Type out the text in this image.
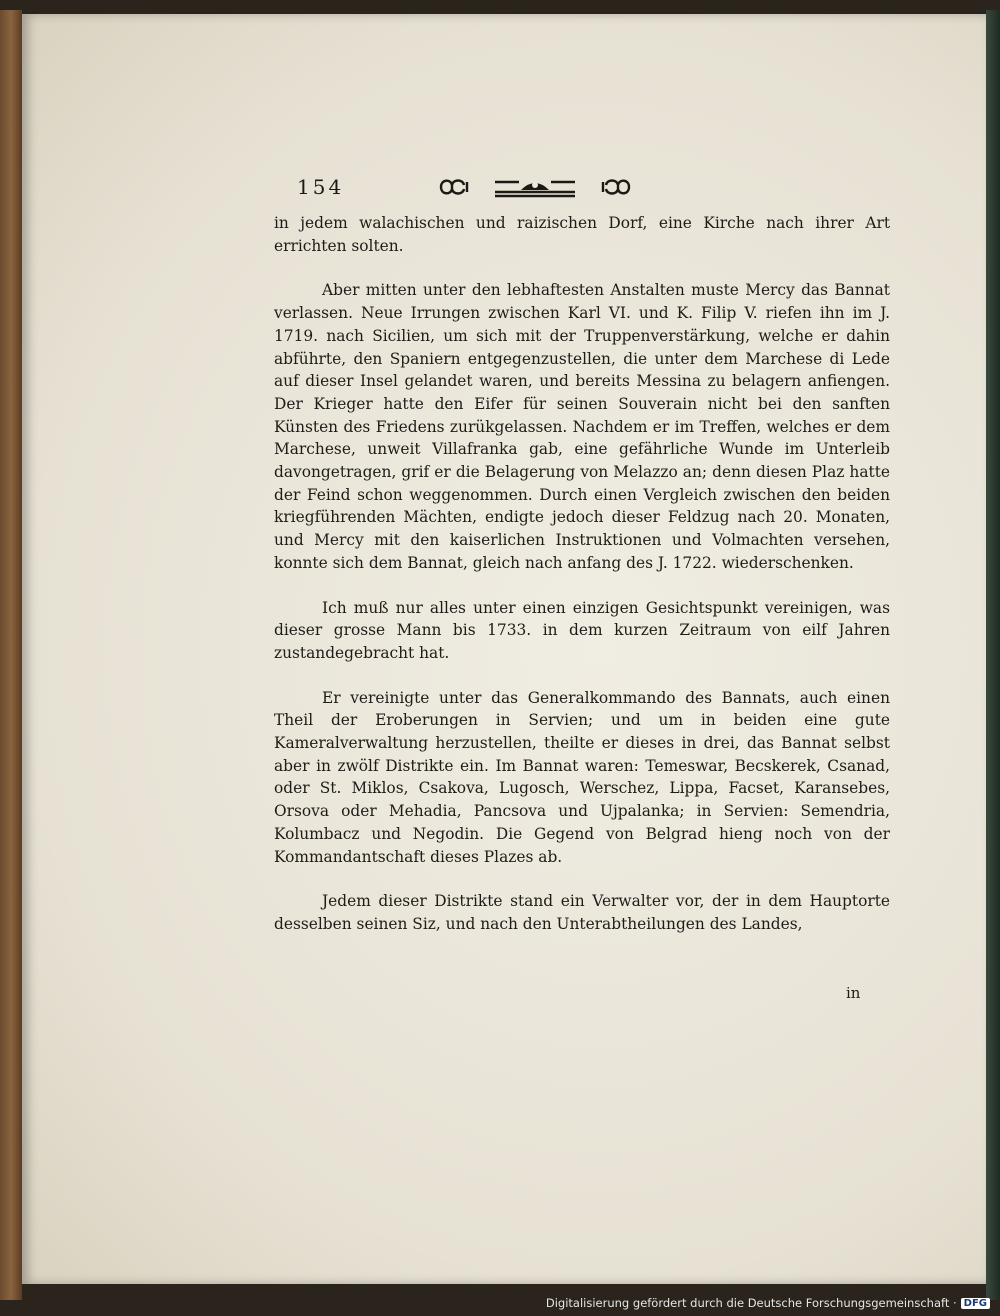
154

in jedem walachischen und raizischen Dorf, eine Kirche nach ihrer Art errichten solten.

Aber mitten unter den lebhaftesten Anstalten muste Mercy das Bannat verlassen. Neue Irrungen zwischen Karl VI. und K. Filip V. riefen ihn im J. 1719. nach Sicilien, um sich mit der Truppenverstärkung, welche er dahin abführte, den Spaniern entgegenzustellen, die unter dem Marchese di Lede auf dieser Insel gelandet waren, und bereits Messina zu belagern anfiengen. Der Krieger hatte den Eifer für seinen Souverain nicht bei den sanften Künsten des Friedens zurükgelassen. Nachdem er im Treffen, welches er dem Marchese, unweit Villafranka gab, eine gefährliche Wunde im Unterleib davongetragen, grif er die Belagerung von Melazzo an; denn diesen Plaz hatte der Feind schon weggenommen. Durch einen Vergleich zwischen den beiden kriegführenden Mächten, endigte jedoch dieser Feldzug nach 20. Monaten, und Mercy mit den kaiserlichen Instruktionen und Volmachten versehen, konnte sich dem Bannat, gleich nach anfang des J. 1722. wiederschenken.

Ich muß nur alles unter einen einzigen Gesichtspunkt vereinigen, was dieser grosse Mann bis 1733. in dem kurzen Zeitraum von eilf Jahren zustandegebracht hat.

Er vereinigte unter das Generalkommando des Bannats, auch einen Theil der Eroberungen in Servien; und um in beiden eine gute Kameralverwaltung herzustellen, theilte er dieses in drei, das Bannat selbst aber in zwölf Distrikte ein. Im Bannat waren: Temeswar, Becskerek, Csanad, oder St. Miklos, Csakova, Lugosch, Werschez, Lippa, Facset, Karansebes, Orsova oder Mehadia, Pancsova und Ujpalanka; in Servien: Semendria, Kolumbacz und Negodin. Die Gegend von Belgrad hieng noch von der Kommandantschaft dieses Plazes ab.

Jedem dieser Distrikte stand ein Verwalter vor, der in dem Hauptorte desselben seinen Siz, und nach den Unterabtheilungen des Landes,

in
Digitalisierung gefördert durch die Deutsche Forschungsgemeinschaft · DFG
